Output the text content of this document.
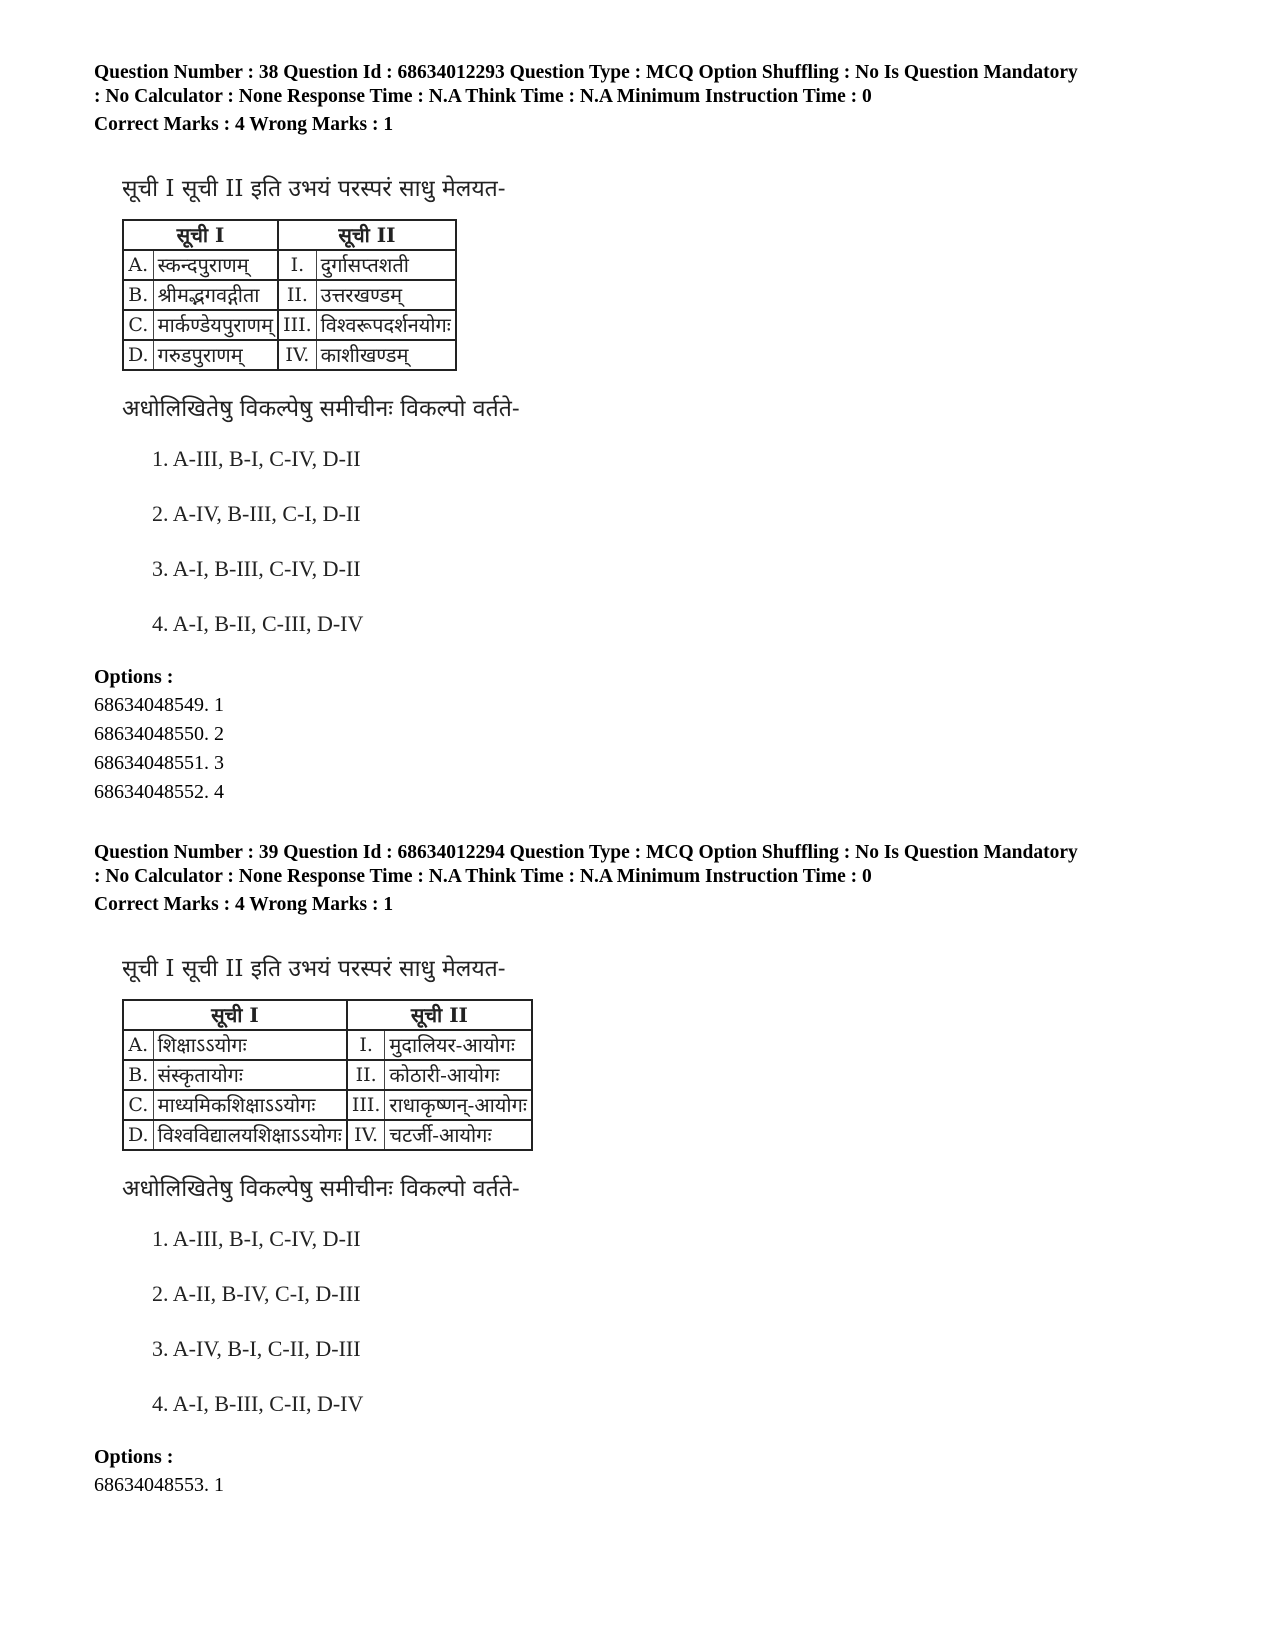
Question Number : 38 Question Id : 68634012293 Question Type : MCQ Option Shuffling : No Is Question Mandatory
: No Calculator : None Response Time : N.A Think Time : N.A Minimum Instruction Time : 0
Correct Marks : 4 Wrong Marks : 1
सूची I सूची II इति उभयं परस्परं साधु मेलयत-
सूची I		सूची II	
A.	स्कन्दपुराणम्	I.	दुर्गासप्तशती
B.	श्रीमद्भगवद्गीता	II.	उत्तरखण्डम्
C.	मार्कण्डेयपुराणम्	III.	विश्वरूपदर्शनयोगः
D.	गरुडपुराणम्	IV.	काशीखण्डम्
अधोलिखितेषु विकल्पेषु समीचीनः विकल्पो वर्तते-
1. A-III, B-I, C-IV, D-II
2. A-IV, B-III, C-I, D-II
3. A-I, B-III, C-IV, D-II
4. A-I, B-II, C-III, D-IV
Options :
68634048549. 1
68634048550. 2
68634048551. 3
68634048552. 4
Question Number : 39 Question Id : 68634012294 Question Type : MCQ Option Shuffling : No Is Question Mandatory
: No Calculator : None Response Time : N.A Think Time : N.A Minimum Instruction Time : 0
Correct Marks : 4 Wrong Marks : 1
सूची I सूची II इति उभयं परस्परं साधु मेलयत-
सूची I		सूची II	
A.	शिक्षाऽऽयोगः	I.	मुदालियर-आयोगः
B.	संस्कृतायोगः	II.	कोठारी-आयोगः
C.	माध्यमिकशिक्षाऽऽयोगः	III.	राधाकृष्णन्-आयोगः
D.	विश्वविद्यालयशिक्षाऽऽयोगः	IV.	चटर्जी-आयोगः
अधोलिखितेषु विकल्पेषु समीचीनः विकल्पो वर्तते-
1. A-III, B-I, C-IV, D-II
2. A-II, B-IV, C-I, D-III
3. A-IV, B-I, C-II, D-III
4. A-I, B-III, C-II, D-IV
Options :
68634048553. 1
